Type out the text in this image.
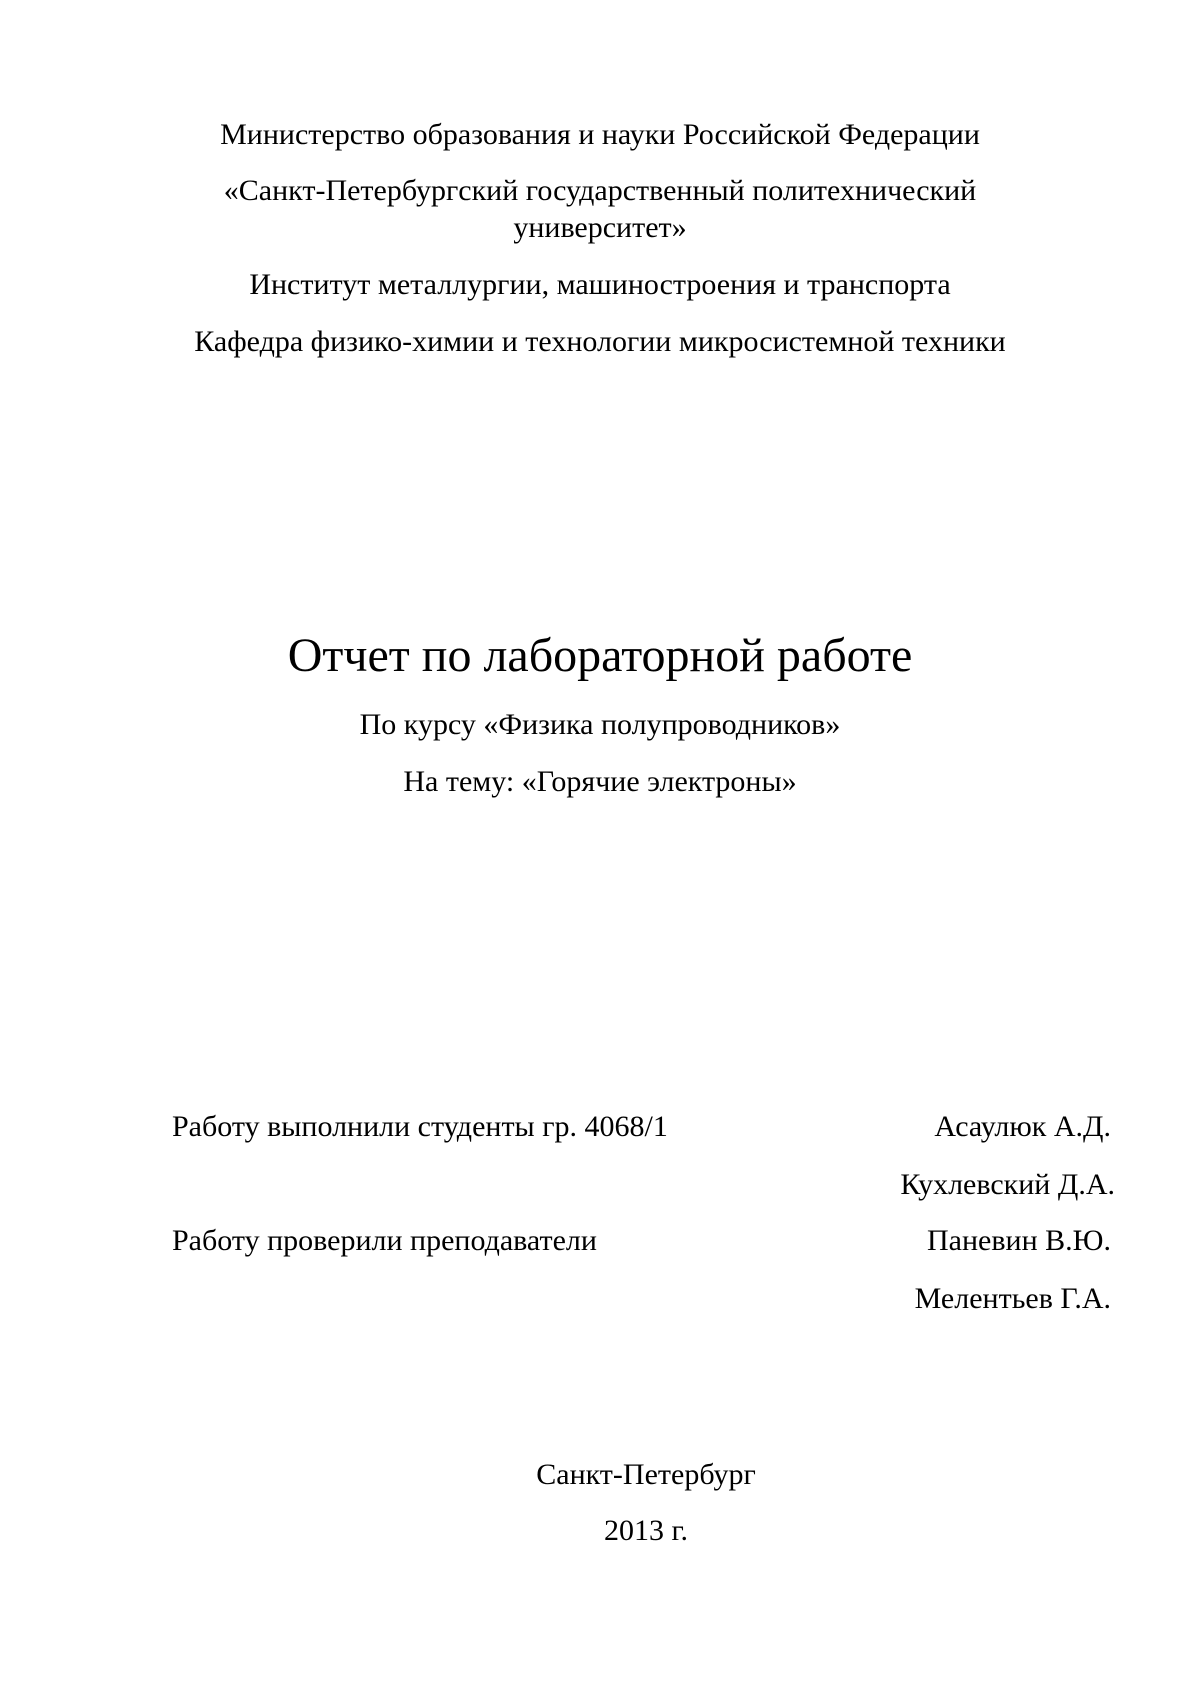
Министерство образования и науки Российской Федерации
«Санкт-Петербургский государственный политехнический
университет»
Институт металлургии, машиностроения и транспорта
Кафедра физико-химии и технологии микросистемной техники
Отчет по лабораторной работе
По курсу «Физика полупроводников»
На тему: «Горячие электроны»
Работу выполнили студенты гр. 4068/1	Асаулюк А.Д.
Кухлевский Д.А.
Работу проверили преподаватели	Паневин В.Ю.
Мелентьев Г.А.
Санкт-Петербург
2013 г.
